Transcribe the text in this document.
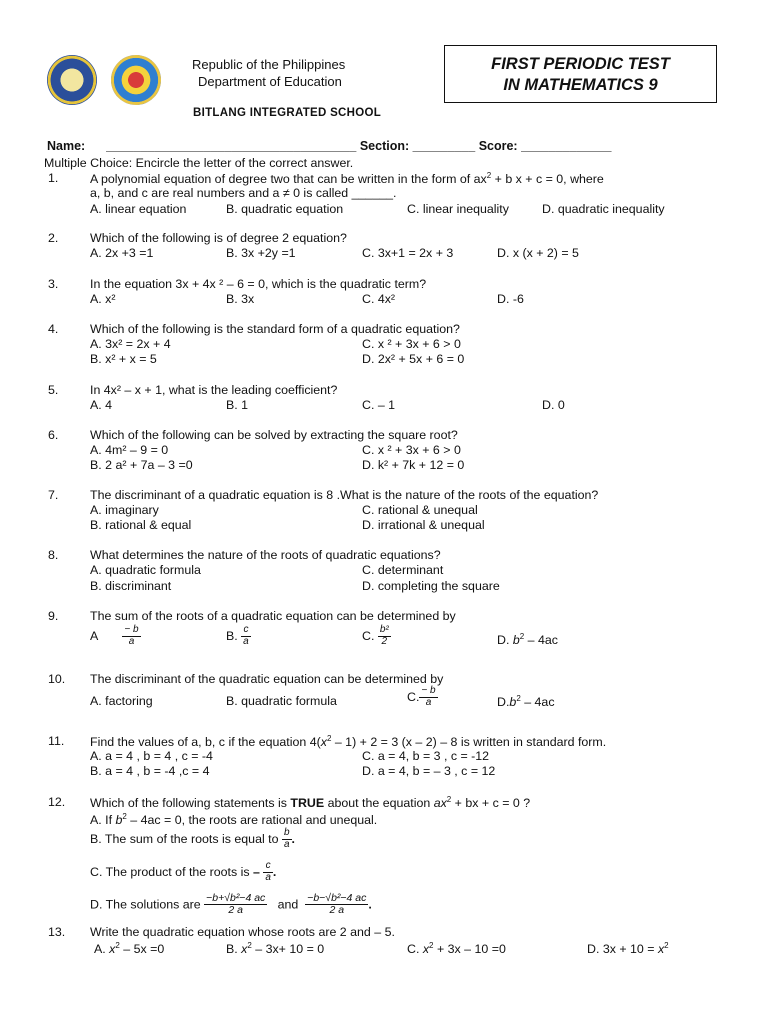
Republic of the Philippines
Department of Education
BITLANG INTEGRATED SCHOOL
FIRST PERIODIC TEST
IN MATHEMATICS 9
Name: ____________________________________ Section: _________ Score: _____________
Multiple Choice: Encircle the letter of the correct answer.
1.	A polynomial equation of degree two that can be written in the form of $ax^2 + b$ x + c = 0, where
a, b, and c are real numbers and a ≠ 0 is called ______.
A. linear equation	B. quadratic equation	C. linear inequality	D. quadratic inequality
2.	Which of the following is of degree 2 equation?
A. 2x +3 =1	B. 3x +2y =1	C. 3x+1 = 2x + 3	D. x (x + 2) = 5
3.	In the equation 3x + 4x ² – 6 = 0, which is the quadratic term?
A. x²	B. 3x	C. 4x²	D. -6
4.	Which of the following is the standard form of a quadratic equation?
A. 3x² = 2x + 4	C. x ² + 3x + 6 > 0
B. x² + x = 5	D. 2x² + 5x + 6 = 0
5.	In 4x² – x + 1, what is the leading coefficient?
A. 4	B. 1	C. – 1	D. 0
6.	Which of the following can be solved by extracting the square root?
A. 4m² – 9 = 0	C. x ² + 3x + 6 > 0
B. 2 a² + 7a – 3 =0	D. k² + 7k + 12 = 0
7.	The discriminant of a quadratic equation is 8 .What is the nature of the roots of the equation?
A. imaginary	C. rational & unequal
B. rational & equal	D. irrational & unequal
8.	What determines the nature of the roots of quadratic equations?
A. quadratic formula	C. determinant
B. discriminant	D. completing the square
9.	The sum of the roots of a quadratic equation can be determined by
A $\frac{- b}{a}$	B. $\frac{c}{a}$	C. $\frac{\text{b²}}{2}$	D. $b^2 - 4ac$
10. The discriminant of the quadratic equation can be determined by
A. factoring	B. quadratic formula	C. $\frac{- b}{a}$	$D.b^2 - 4ac$
11. Find the values of a, b, c if the equation $4(x^2 - 1) + 2 = 3$ (x – 2) – 8 is written in standard form.
A. a = 4 , b = 4 , c = -4	C. a = 4, b = 3 , c = -12
B. a = 4 , b = -4 ,c = 4	D. a = 4, b = – 3 , c = 12
12. Which of the following statements is TRUE about the equation $ax^2$ + bx + c = 0 ?
A. If $b^2 - 4ac = 0$, the roots are rational and unequal.
B. The sum of the roots is equal to $\frac{b}{a}$ .
C. The product of the roots is – $\frac{c}{a}$ .
D. The solutions are $\frac{\text{−b+√b²−4 ac}}{2 a}$ and $\frac{\text{−b−√b²−4 ac}}{2 a}$ .
13. Write the quadratic equation whose roots are 2 and – 5.
A. $x^2 - 5x =0$	B. $x^2 - 3x+ 10 = 0$	C. $x^2 + 3x - 10 =0$	D. $3x + 10 = x^2$
